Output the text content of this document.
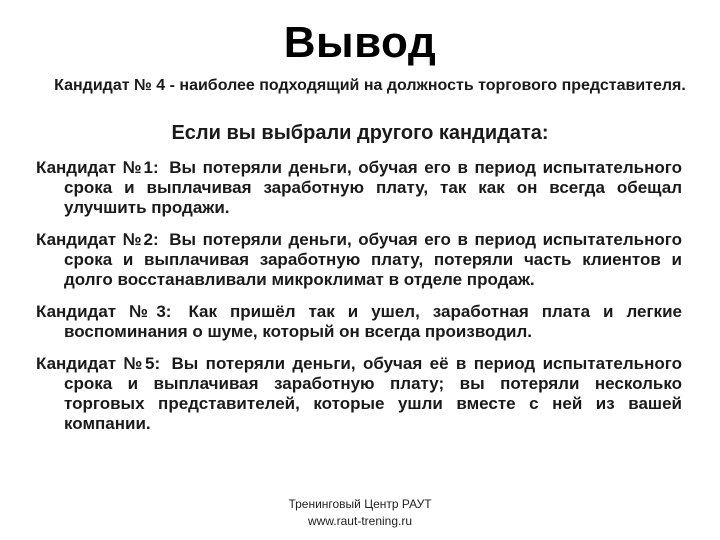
Вывод
Кандидат № 4 - наиболее подходящий на должность торгового представителя.
Если вы выбрали другого кандидата:
Кандидат №1: Вы потеряли деньги, обучая его в период испытательного срока и выплачивая заработную плату, так как он всегда обещал улучшить продажи.
Кандидат №2: Вы потеряли деньги, обучая его в период испытательного срока и выплачивая заработную плату, потеряли часть клиентов и долго восстанавливали микроклимат в отделе продаж.
Кандидат №3: Как пришёл так и ушел, заработная плата и легкие воспоминания о шуме, который он всегда производил.
Кандидат №5: Вы потеряли деньги, обучая её в период испытательного срока и выплачивая заработную плату; вы потеряли несколько торговых представителей, которые ушли вместе с ней из вашей компании.
Тренинговый Центр РАУТ
www.raut-trening.ru
